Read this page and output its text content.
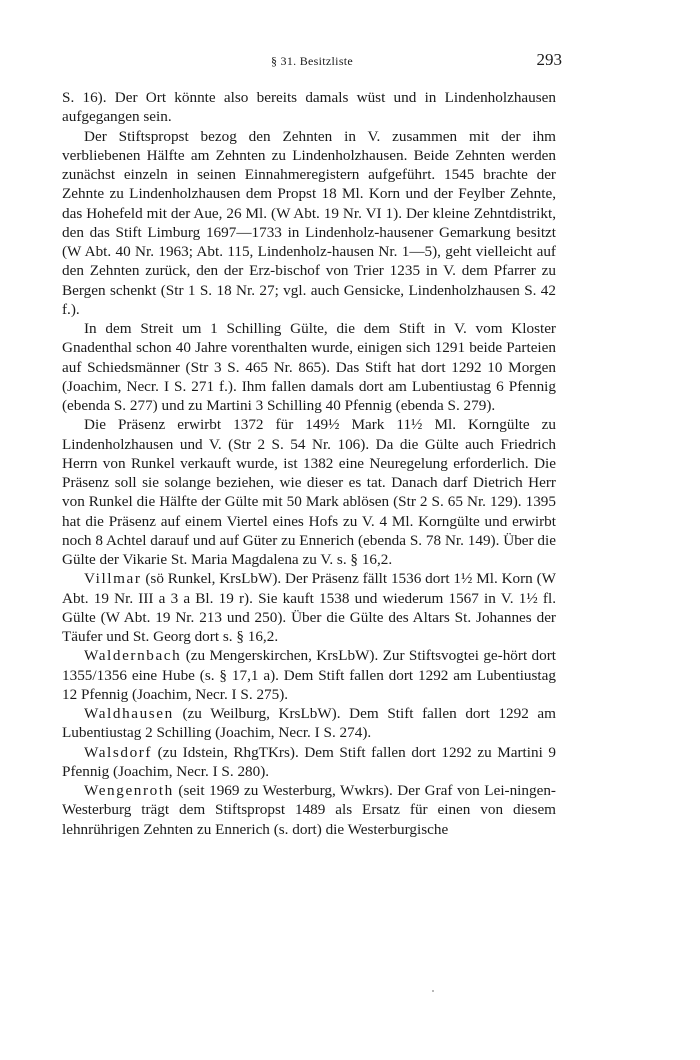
§ 31. Besitzliste	293

S. 16). Der Ort könnte also bereits damals wüst und in Lindenholzhausen aufgegangen sein.

Der Stiftspropst bezog den Zehnten in V. zusammen mit der ihm verbliebenen Hälfte am Zehnten zu Lindenholzhausen. Beide Zehnten werden zunächst einzeln in seinen Einnahmeregistern aufgeführt. 1545 brachte der Zehnte zu Lindenholzhausen dem Propst 18 Ml. Korn und der Feylber Zehnte, das Hohefeld mit der Aue, 26 Ml. (W Abt. 19 Nr. VI 1). Der kleine Zehntdistrikt, den das Stift Limburg 1697—1733 in Lindenholz-hausener Gemarkung besitzt (W Abt. 40 Nr. 1963; Abt. 115, Lindenholz-hausen Nr. 1—5), geht vielleicht auf den Zehnten zurück, den der Erz-bischof von Trier 1235 in V. dem Pfarrer zu Bergen schenkt (Str 1 S. 18 Nr. 27; vgl. auch Gensicke, Lindenholzhausen S. 42 f.).

In dem Streit um 1 Schilling Gülte, die dem Stift in V. vom Kloster Gnadenthal schon 40 Jahre vorenthalten wurde, einigen sich 1291 beide Parteien auf Schiedsmänner (Str 3 S. 465 Nr. 865). Das Stift hat dort 1292 10 Morgen (Joachim, Necr. I S. 271 f.). Ihm fallen damals dort am Lubentiustag 6 Pfennig (ebenda S. 277) und zu Martini 3 Schilling 40 Pfennig (ebenda S. 279).

Die Präsenz erwirbt 1372 für 149½ Mark 11½ Ml. Korngülte zu Lindenholzhausen und V. (Str 2 S. 54 Nr. 106). Da die Gülte auch Friedrich Herrn von Runkel verkauft wurde, ist 1382 eine Neuregelung erforderlich. Die Präsenz soll sie solange beziehen, wie dieser es tat. Danach darf Dietrich Herr von Runkel die Hälfte der Gülte mit 50 Mark ablösen (Str 2 S. 65 Nr. 129). 1395 hat die Präsenz auf einem Viertel eines Hofs zu V. 4 Ml. Korngülte und erwirbt noch 8 Achtel darauf und auf Güter zu Ennerich (ebenda S. 78 Nr. 149). Über die Gülte der Vikarie St. Maria Magdalena zu V. s. § 16,2.

Villmar (sö Runkel, KrsLbW). Der Präsenz fällt 1536 dort 1½ Ml. Korn (W Abt. 19 Nr. III a 3 a Bl. 19 r). Sie kauft 1538 und wiederum 1567 in V. 1½ fl. Gülte (W Abt. 19 Nr. 213 und 250). Über die Gülte des Altars St. Johannes der Täufer und St. Georg dort s. § 16,2.

Waldernbach (zu Mengerskirchen, KrsLbW). Zur Stiftsvogtei ge-hört dort 1355/1356 eine Hube (s. § 17,1 a). Dem Stift fallen dort 1292 am Lubentiustag 12 Pfennig (Joachim, Necr. I S. 275).

Waldhausen (zu Weilburg, KrsLbW). Dem Stift fallen dort 1292 am Lubentiustag 2 Schilling (Joachim, Necr. I S. 274).

Walsdorf (zu Idstein, RhgTKrs). Dem Stift fallen dort 1292 zu Martini 9 Pfennig (Joachim, Necr. I S. 280).

Wengenroth (seit 1969 zu Westerburg, Wwkrs). Der Graf von Lei-ningen-Westerburg trägt dem Stiftspropst 1489 als Ersatz für einen von diesem lehnrührigen Zehnten zu Ennerich (s. dort) die Westerburgische
